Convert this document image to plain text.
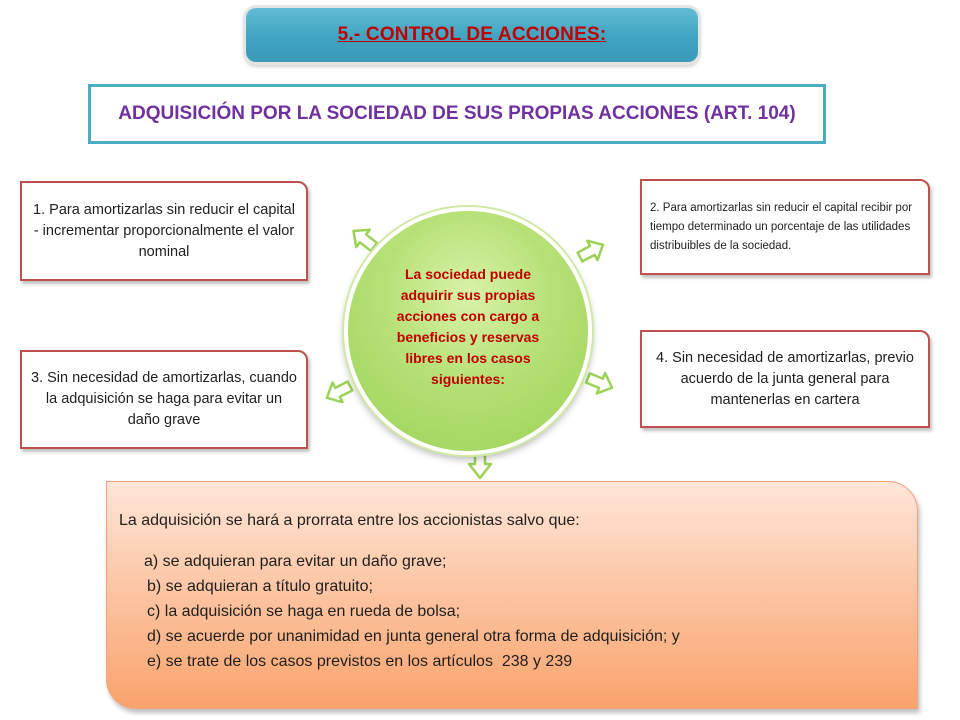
5.- CONTROL DE ACCIONES:
ADQUISICIÓN POR LA SOCIEDAD DE SUS PROPIAS ACCIONES (ART. 104)
1. Para amortizarlas sin reducir el capital - incrementar proporcionalmente el valor nominal
2. Para amortizarlas sin reducir el capital recibir por tiempo determinado un porcentaje de las utilidades distribuibles de la sociedad.
3. Sin necesidad de amortizarlas, cuando la adquisición se haga para evitar un daño grave
4. Sin necesidad de amortizarlas, previo acuerdo de la junta general para mantenerlas en cartera
La sociedad puede adquirir sus propias acciones con cargo a beneficios y reservas libres en los casos siguientes:
La adquisición se hará a prorrata entre los accionistas salvo que:
a) se adquieran para evitar un daño grave;
b) se adquieran a título gratuito;
c) la adquisición se haga en rueda de bolsa;
d) se acuerde por unanimidad en junta general otra forma de adquisición; y
e) se trate de los casos previstos en los artículos  238 y 239
